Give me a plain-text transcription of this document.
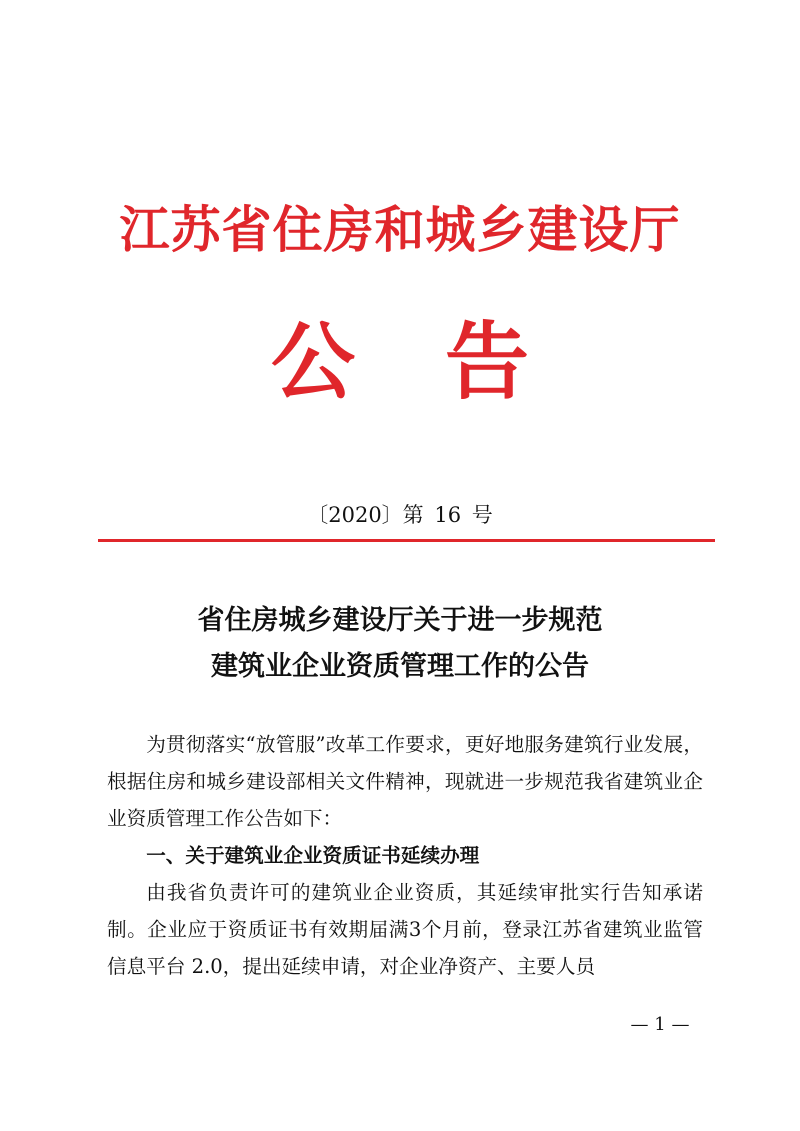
江苏省住房和城乡建设厅
公告
〔2020〕第 16 号
省住房城乡建设厅关于进一步规范
建筑业企业资质管理工作的公告

为贯彻落实“放管服”改革工作要求，更好地服务建筑行业发展，根据住房和城乡建设部相关文件精神，现就进一步规范我省建筑业企业资质管理工作公告如下：

一、关于建筑业企业资质证书延续办理

由我省负责许可的建筑业企业资质，其延续审批实行告知承诺制。企业应于资质证书有效期届满3个月前，登录江苏省建筑业监管信息平台 2.0，提出延续申请，对企业净资产、主要人员

— 1 —
